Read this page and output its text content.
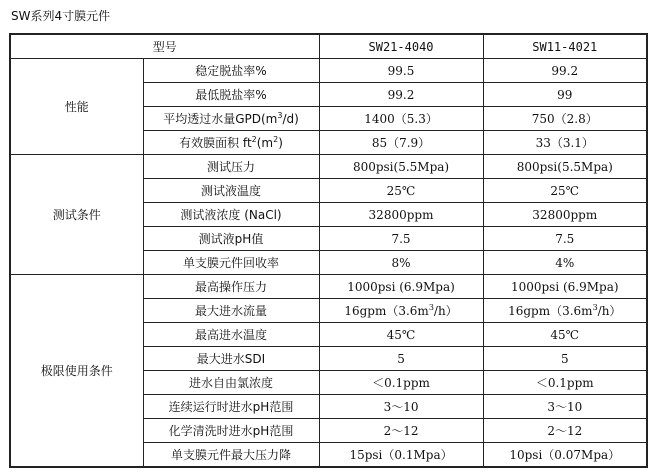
SW系列4寸膜元件
型号		SW21-4040	SW11-4021
性能	稳定脱盐率%	99.5	99.2
	最低脱盐率%	99.2	99
	平均透过水量$GPD(m^3/d)$	1400（5.3）	750（2.8）
	有效膜面积 $ft^2(m^2)$	85（7.9）	33（3.1）
测试条件	测试压力	800psi(5.5Mpa)	800psi(5.5Mpa)
	测试液温度	25℃	25℃
	测试液浓度 (NaCl)	32800ppm	32800ppm
	测试液pH值	7.5	7.5
	单支膜元件回收率	8%	4%
极限使用条件	最高操作压力	1000psi (6.9Mpa)	1000psi (6.9Mpa)
	最大进水流量	$16gpm(3.6m^3/h)$	$16gpm(3.6m^3/h)$
	最高进水温度	45℃	45℃
	最大进水SDI	5	5
	进水自由氯浓度	＜0.1ppm	＜0.1ppm
	连续运行时进水pH范围	3～10	3～10
	化学清洗时进水pH范围	2～12	2～12
	单支膜元件最大压力降	15psi（0.1Mpa）	10psi（0.07Mpa）
